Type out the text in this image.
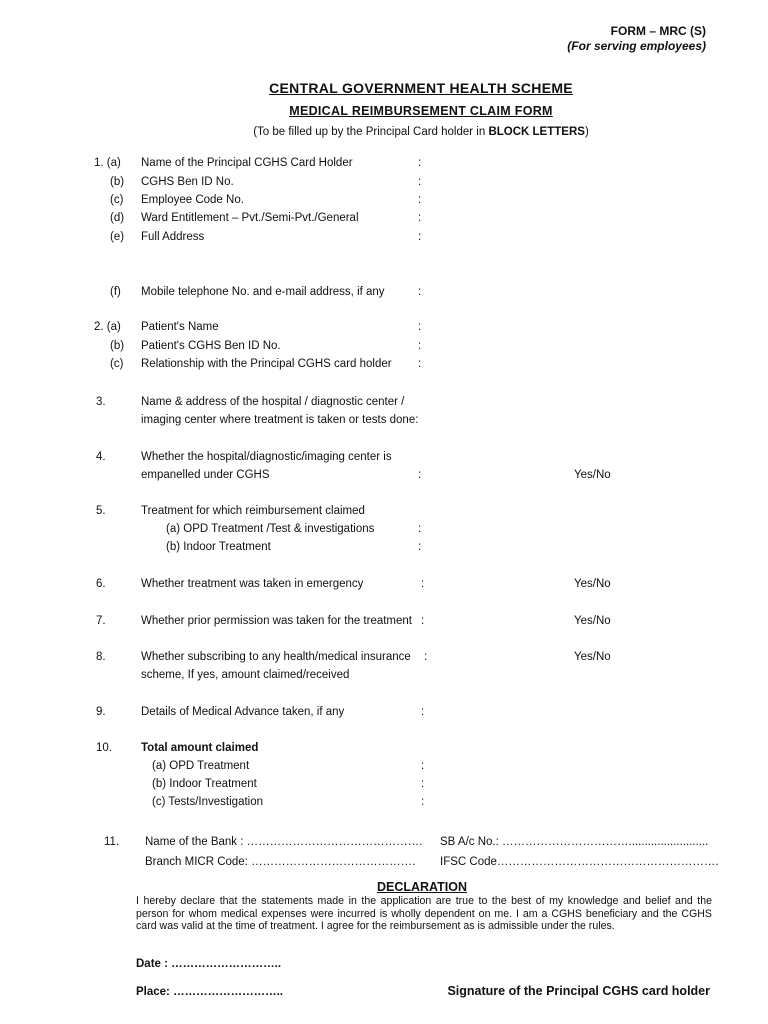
FORM – MRC (S)
(For serving employees)
CENTRAL GOVERNMENT HEALTH SCHEME
MEDICAL REIMBURSEMENT CLAIM FORM
(To be filled up by the Principal Card holder in BLOCK LETTERS)
1. (a) Name of the Principal CGHS Card Holder	:
(b) CGHS Ben ID No.	:
(c) Employee Code No.	:
(d) Ward Entitlement – Pvt./Semi-Pvt./General	:
(e) Full Address	:
(f) Mobile telephone No. and e-mail address, if any	:
2. (a) Patient's Name	:
(b) Patient's CGHS Ben ID No.	:
(c) Relationship with the Principal CGHS card holder :
3.	Name & address of the hospital / diagnostic center /
imaging center where treatment is taken or tests done:
4.	Whether the hospital/diagnostic/imaging center is
empanelled under CGHS	:	Yes/No
5.	Treatment for which reimbursement claimed
(a) OPD Treatment /Test & investigations	:
(b) Indoor Treatment	:
6.	Whether treatment was taken in emergency	:	Yes/No
7.	Whether prior permission was taken for the treatment :	Yes/No
8.	Whether subscribing to any health/medical insurance :	Yes/No
scheme, If yes, amount claimed/received
9.	Details of Medical Advance taken, if any	:
10.	Total amount claimed
(a) OPD Treatment	:
(b) Indoor Treatment	:
(c) Tests/Investigation	:
11. Name of the Bank : ………………………………………. SB A/c No.: …………………………….........................
Branch MICR Code: ……………………………………. IFSC Code………………………………………………….
DECLARATION
I hereby declare that the statements made in the application are true to the best of my knowledge and belief and the person for whom medical expenses were incurred is wholly dependent on me. I am a CGHS beneficiary and the CGHS card was valid at the time of treatment. I agree for the reimbursement as is admissible under the rules.
Date : ………………………..
Place: ………………………..	Signature of the Principal CGHS card holder
